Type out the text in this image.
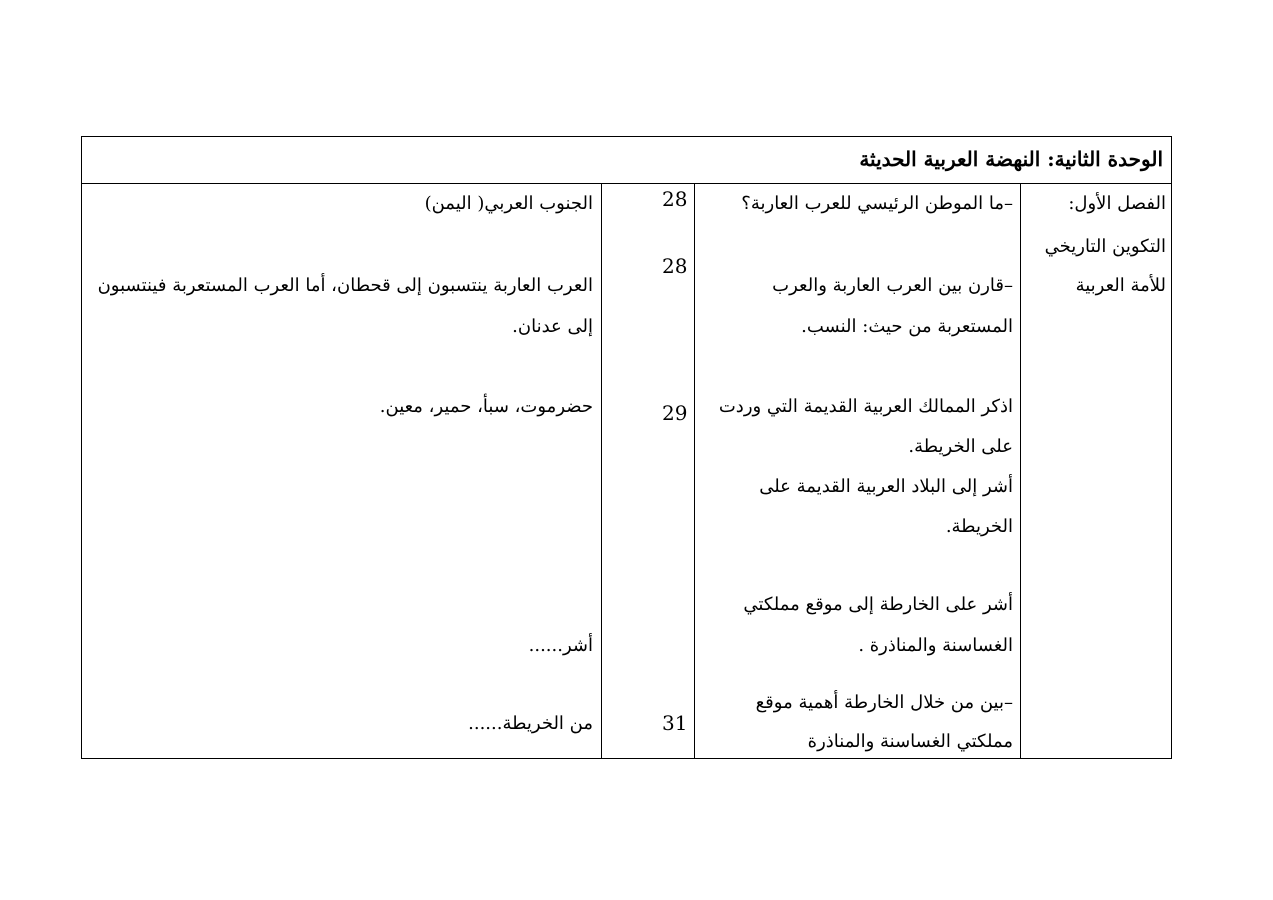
الوحدة الثانية: النهضة العربية الحديثة
الفصل الأول:
التكوين التاريخي
للأمة العربية
–ما الموطن الرئيسي للعرب العاربة؟
–قارن بين العرب العاربة والعرب
المستعربة من حيث: النسب.
اذكر الممالك العربية القديمة التي وردت
على الخريطة.
أشر إلى البلاد العربية القديمة على
الخريطة.
أشر على الخارطة إلى موقع مملكتي
الغساسنة والمناذرة .
–بين من خلال الخارطة أهمية موقع
مملكتي الغساسنة والمناذرة
28
28
29
31
الجنوب العربي( اليمن)
العرب العاربة ينتسبون إلى قحطان، أما العرب المستعربة فينتسبون
إلى عدنان.
حضرموت، سبأ، حمير، معين.
أشر......
من الخريطة......
